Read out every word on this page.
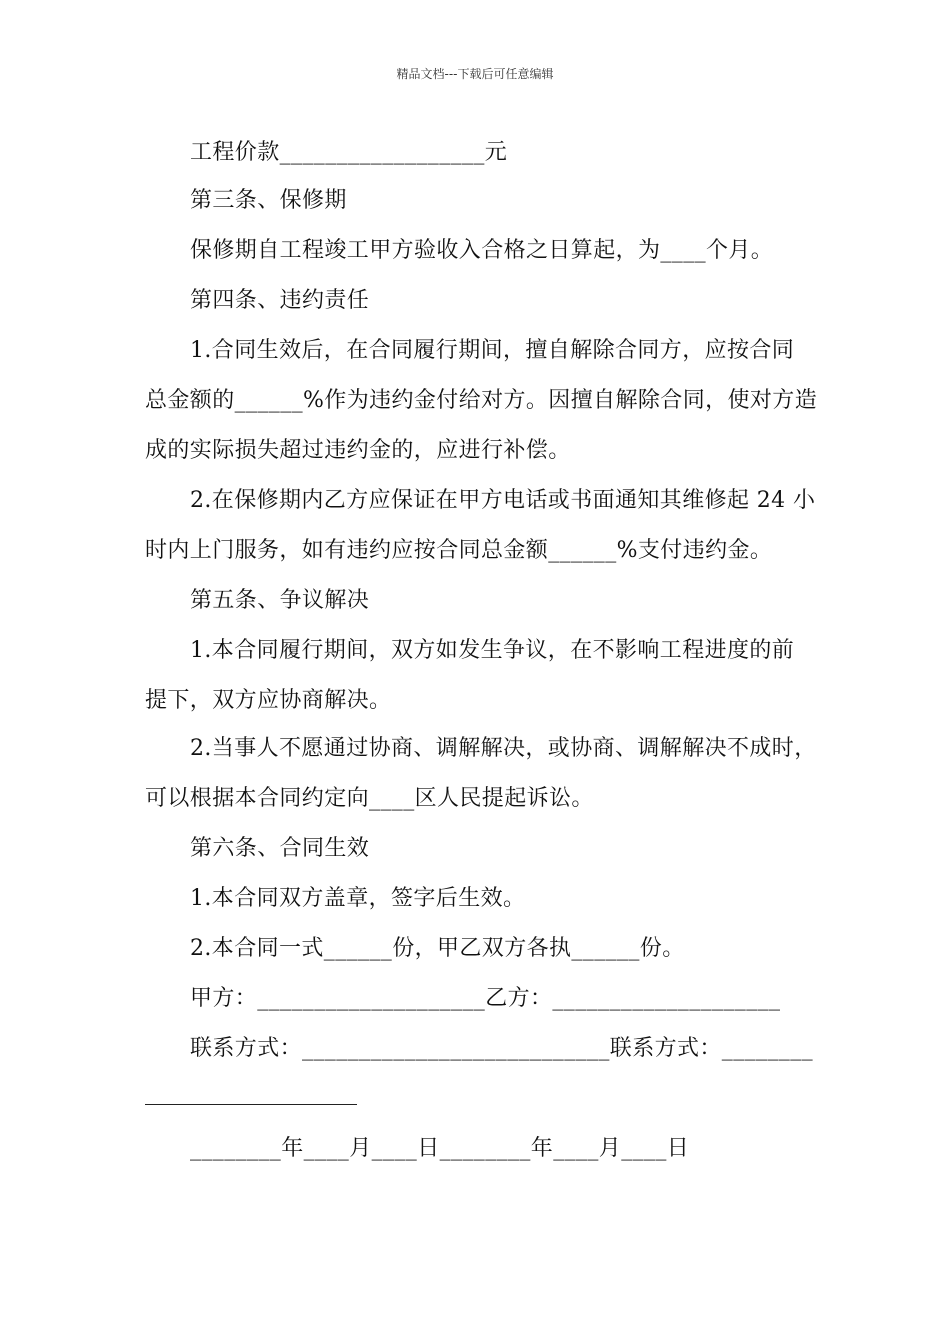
精品文档---下载后可任意编辑
工程价款__________________元
第三条、保修期
保修期自工程竣工甲方验收入合格之日算起，为____个月。
第四条、违约责任
1.合同生效后，在合同履行期间，擅自解除合同方，应按合同
总金额的______%作为违约金付给对方。因擅自解除合同，使对方造
成的实际损失超过违约金的，应进行补偿。
2.在保修期内乙方应保证在甲方电话或书面通知其维修起 24 小
时内上门服务，如有违约应按合同总金额______%支付违约金。
第五条、争议解决
1.本合同履行期间，双方如发生争议，在不影响工程进度的前
提下，双方应协商解决。
2.当事人不愿通过协商、调解解决，或协商、调解解决不成时，
可以根据本合同约定向____区人民提起诉讼。
第六条、合同生效
1.本合同双方盖章，签字后生效。
2.本合同一式______份，甲乙双方各执______份。
甲方：____________________乙方：____________________
联系方式：___________________________联系方式：________
________年____月____日________年____月____日
